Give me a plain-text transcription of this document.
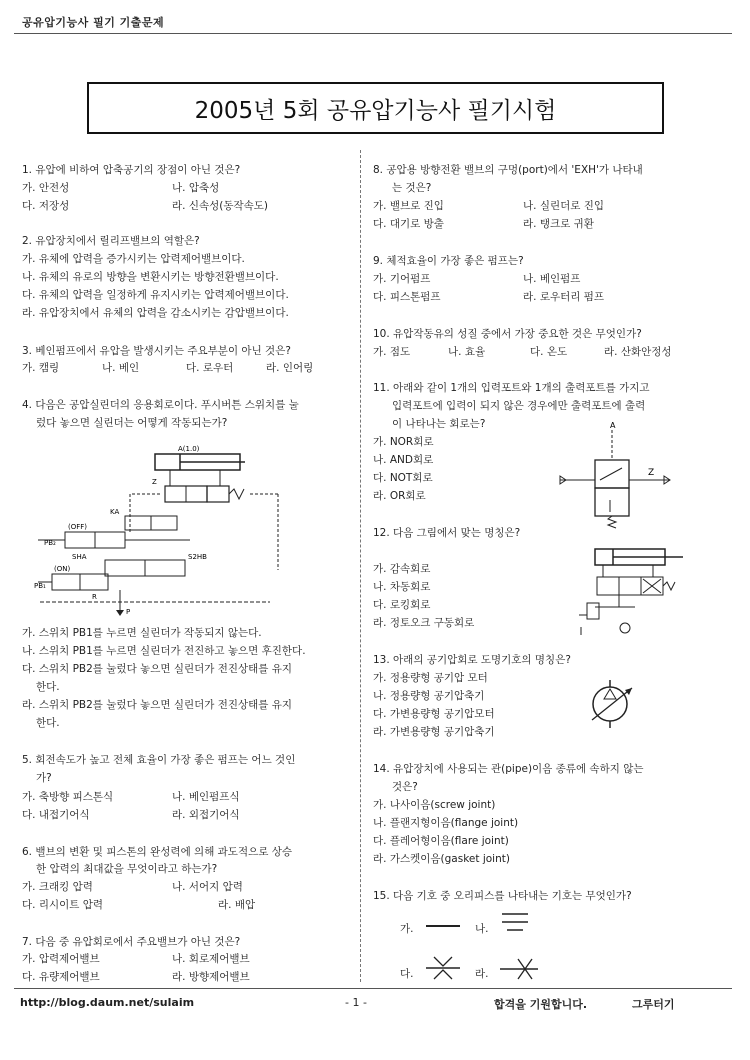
공유압기능사 필기 기출문제
2005년 5회 공유압기능사 필기시험
1. 유압에 비하여 압축공기의 장점이 아닌 것은?
가. 안전성	나. 압축성
다. 저장성	라. 신속성(동작속도)
2. 유압장치에서 릴리프밸브의 역할은?
가. 유체에 압력을 증가시키는 압력제어밸브이다.
나. 유체의 유로의 방향을 변환시키는 방향전환밸브이다.
다. 유체의 압력을 일정하게 유지시키는 압력제어밸브이다.
라. 유압장치에서 유체의 압력을 감소시키는 감압밸브이다.
3. 베인펌프에서 유압을 발생시키는 주요부분이 아닌 것은?
가. 캠링	나. 베인	다. 로우터	라. 인어링
4. 다음은 공압실린더의 응용회로이다. 푸시버튼 스위치를 눌
렀다 놓으면 실린더는 어떻게 작동되는가?
A(1.0)
Z
KA
(OFF)
PB₂
SHA	S2HB
(ON)
PB₁
R
P
가. 스위치 PB1를 누르면 실린더가 작동되지 않는다.
나. 스위치 PB1를 누르면 실린더가 전진하고 놓으면 후진한다.
다. 스위치 PB2를 눌렀다 놓으면 실린더가 전진상태를 유지
한다.
라. 스위치 PB2를 눌렀다 놓으면 실린더가 전진상태를 유지
한다.
5. 회전속도가 높고 전체 효율이 가장 좋은 펌프는 어느 것인
가?
가. 축방향 피스톤식	나. 베인펌프식
다. 내접기어식	라. 외접기어식
6. 밸브의 변환 및 피스톤의 완성력에 의해 과도적으로 상승
한 압력의 최대값을 무엇이라고 하는가?
가. 크래킹 압력	나. 서어지 압력
다. 리시이트 압력	라. 배압
7. 다음 중 유압회로에서 주요밸브가 아닌 것은?
가. 압력제어밸브	나. 회로제어밸브
다. 유량제어밸브	라. 방향제어밸브
8. 공압용 방향전환 밸브의 구멍(port)에서 'EXH'가 나타내
는 것은?
가. 밸브로 진입	나. 실린더로 진입
다. 대기로 방출	라. 탱크로 귀환
9. 체적효율이 가장 좋은 펌프는?
가. 기어펌프	나. 베인펌프
다. 피스톤펌프	라. 로우터리 펌프
10. 유압작동유의 성질 중에서 가장 중요한 것은 무엇인가?
가. 점도	나. 효율	다. 온도	라. 산화안정성
11. 아래와 같이 1개의 입력포트와 1개의 출력포트를 가지고
입력포트에 입력이 되지 않은 경우에만 출력포트에 출력
이 나타나는 회로는?
가. NOR회로
나. AND회로
다. NOT회로
라. OR회로
A
Z
12. 다음 그림에서 맞는 명칭은?
가. 감속회로
나. 차동회로
다. 로킹회로
라. 정토오크 구동회로
13. 아래의 공기압회로 도명기호의 명칭은?
가. 정용량형 공기압 모터
나. 정용량형 공기압축기
다. 가변용량형 공기압모터
라. 가변용량형 공기압축기
14. 유압장치에 사용되는 관(pipe)이음 종류에 속하지 않는
것은?
가. 나사이음(screw joint)
나. 플랜지형이음(flange joint)
다. 플레어형이음(flare joint)
라. 가스켓이음(gasket joint)
15. 다음 기호 중 오리피스를 나타내는 기호는 무엇인가?
가.	나.
다.	라.
http://blog.daum.net/sulaim	- 1 -	합격을 기원합니다.	그루터기
